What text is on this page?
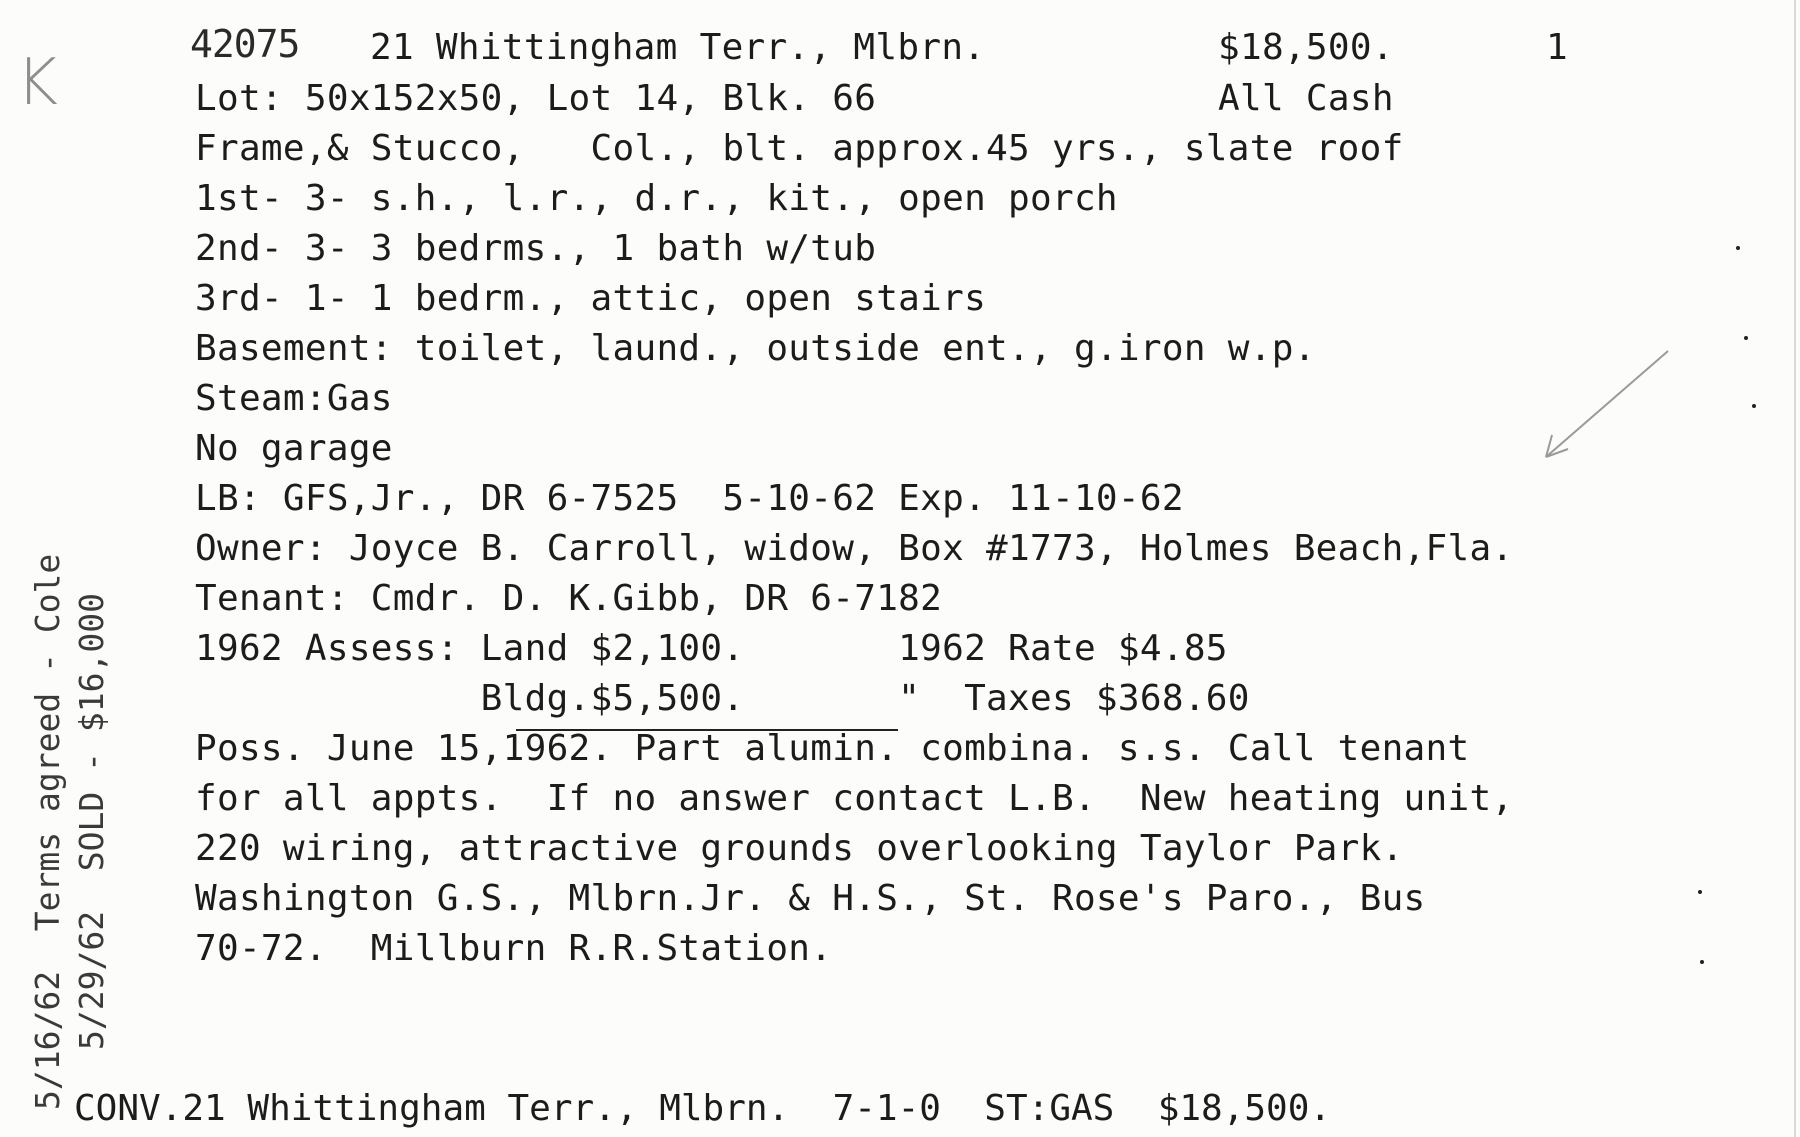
K
42075 21 Whittingham Terr., Mlbrn.	$18,500.	1
All Cash
Lot: 50x152x50, Lot 14, Blk. 66
Frame,& Stucco,   Col., blt. approx.45 yrs., slate roof
1st- 3- s.h., l.r., d.r., kit., open porch
2nd- 3- 3 bedrms., 1 bath w/tub
3rd- 1- 1 bedrm., attic, open stairs
Basement: toilet, laund., outside ent., g.iron w.p.
Steam:Gas
No garage
LB: GFS,Jr., DR 6-7525  5-10-62 Exp. 11-10-62
Owner: Joyce B. Carroll, widow, Box #1773, Holmes Beach,Fla.
Tenant: Cmdr. D. K.Gibb, DR 6-7182
1962 Assess: Land $2,100.       1962 Rate $4.85
Bldg.$5,500.       "  Taxes $368.60
Poss. June 15,1962. Part alumin. combina. s.s. Call tenant
for all appts.  If no answer contact L.B.  New heating unit,
220 wiring, attractive grounds overlooking Taylor Park.
Washington G.S., Mlbrn.Jr. & H.S., St. Rose's Paro., Bus
70-72.  Millburn R.R.Station.
5/16/62  Terms agreed - Cole 5/29/62  SOLD - $16,000
CONV.21 Whittingham Terr., Mlbrn.  7-1-0  ST:GAS  $18,500.
